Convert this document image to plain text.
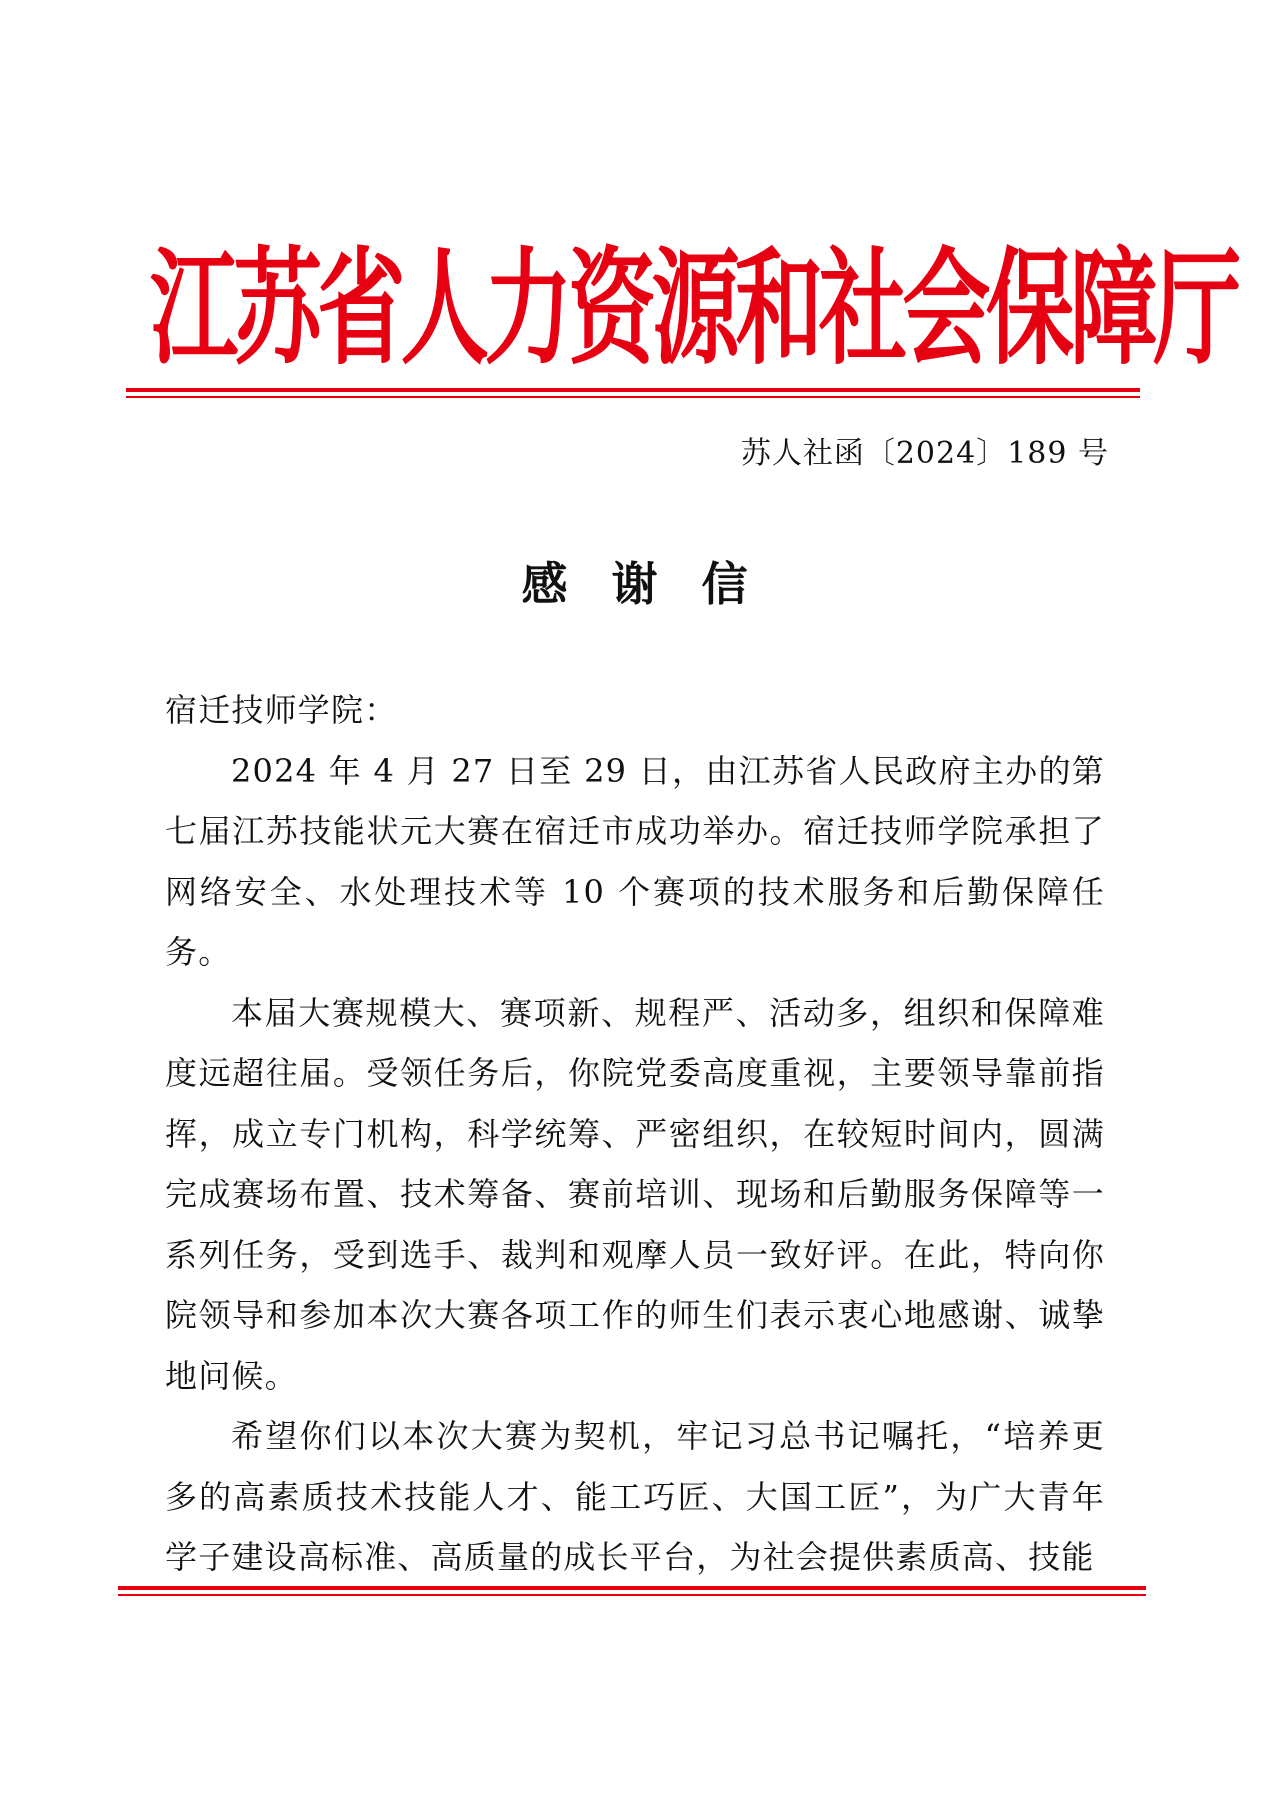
江苏省人力资源和社会保障厅
苏人社函〔2024〕189 号
感谢信

宿迁技师学院：

2024 年 4 月 27 日至 29 日，由江苏省人民政府主办的第七届江苏技能状元大赛在宿迁市成功举办。宿迁技师学院承担了网络安全、水处理技术等 10 个赛项的技术服务和后勤保障任务。

本届大赛规模大、赛项新、规程严、活动多，组织和保障难度远超往届。受领任务后，你院党委高度重视，主要领导靠前指挥，成立专门机构，科学统筹、严密组织，在较短时间内，圆满完成赛场布置、技术筹备、赛前培训、现场和后勤服务保障等一系列任务，受到选手、裁判和观摩人员一致好评。在此，特向你院领导和参加本次大赛各项工作的师生们表示衷心地感谢、诚挚地问候。

希望你们以本次大赛为契机，牢记习总书记嘱托，“培养更多的高素质技术技能人才、能工巧匠、大国工匠”，为广大青年学子建设高标准、高质量的成长平台，为社会提供素质高、技能
